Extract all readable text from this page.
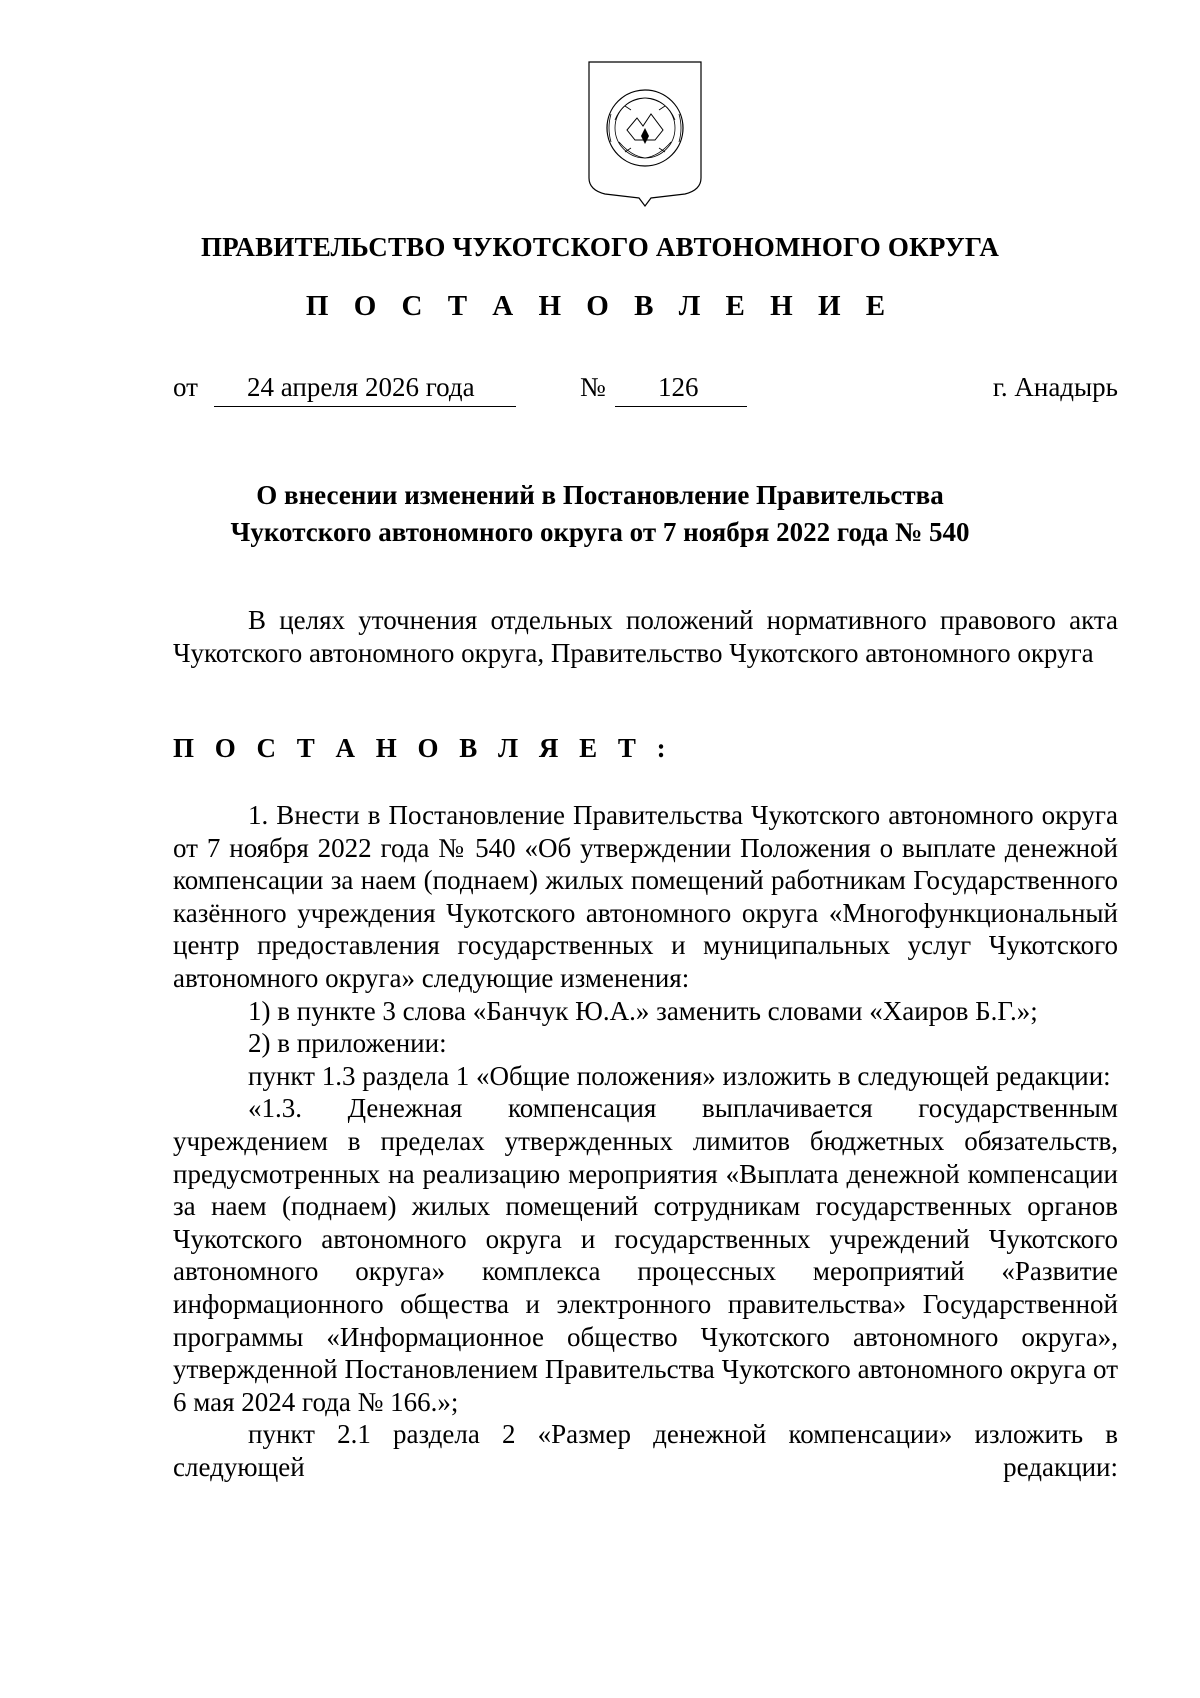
ПРАВИТЕЛЬСТВО ЧУКОТСКОГО АВТОНОМНОГО ОКРУГА
П О С Т А Н О В Л Е Н И Е
от 24 апреля 2026 года	№ 126	г. Анадырь
О внесении изменений в Постановление Правительства
Чукотского автономного округа от 7 ноября 2022 года № 540

В целях уточнения отдельных положений нормативного правового акта Чукотского автономного округа, Правительство Чукотского автономного округа

П О С Т А Н О В Л Я Е Т :

1. Внести в Постановление Правительства Чукотского автономного округа от 7 ноября 2022 года № 540 «Об утверждении Положения о выплате денежной компенсации за наем (поднаем) жилых помещений работникам Государственного казённого учреждения Чукотского автономного округа «Многофункциональный центр предоставления государственных и муниципальных услуг Чукотского автономного округа» следующие изменения:

1) в пункте 3 слова «Банчук Ю.А.» заменить словами «Хаиров Б.Г.»;

2) в приложении:

пункт 1.3 раздела 1 «Общие положения» изложить в следующей редакции:

«1.3. Денежная компенсация выплачивается государственным учреждением в пределах утвержденных лимитов бюджетных обязательств, предусмотренных на реализацию мероприятия «Выплата денежной компенсации за наем (поднаем) жилых помещений сотрудникам государственных органов Чукотского автономного округа и государственных учреждений Чукотского автономного округа» комплекса процессных мероприятий «Развитие информационного общества и электронного правительства» Государственной программы «Информационное общество Чукотского автономного округа», утвержденной Постановлением Правительства Чукотского автономного округа от 6 мая 2024 года № 166.»;

пункт 2.1 раздела 2 «Размер денежной компенсации» изложить в следующей редакции:
